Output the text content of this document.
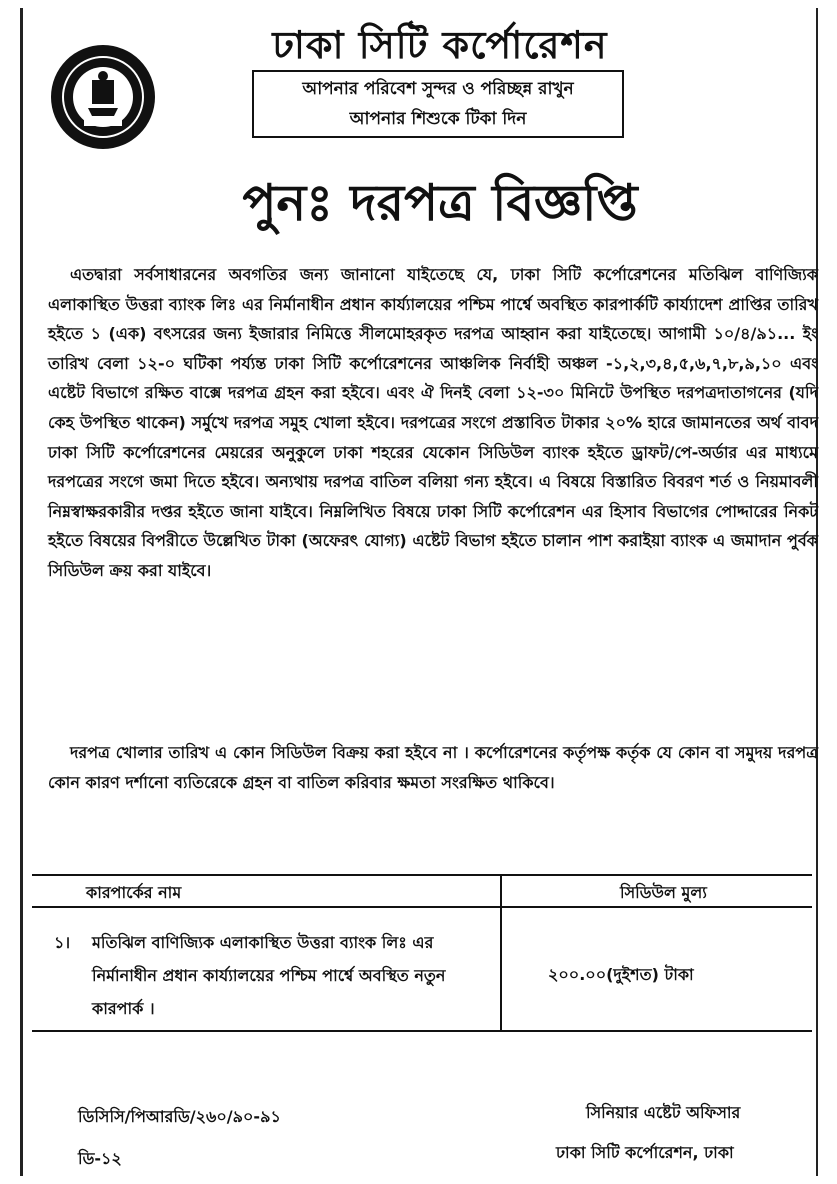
ঢাকা সিটি কর্পোরেশন
আপনার পরিবেশ সুন্দর ও পরিচ্ছন্ন রাখুন
আপনার শিশুকে টিকা দিন
পুনঃ দরপত্র বিজ্ঞপ্তি

এতদ্বারা সর্বসাধারনের অবগতির জন্য জানানো যাইতেছে যে, ঢাকা সিটি কর্পোরেশনের মতিঝিল বাণিজ্যিক এলাকাস্থিত উত্তরা ব্যাংক লিঃ এর নির্মানাধীন প্রধান কার্য্যালয়ের পশ্চিম পার্শ্বে অবস্থিত কারপার্কটি কার্য্যাদেশ প্রাপ্তির তারিখ হইতে ১ (এক) বৎসরের জন্য ইজারার নিমিত্তে সীলমোহরকৃত দরপত্র আহ্বান করা যাইতেছে। আগামী ১০/৪/৯১... ইং তারিখ বেলা ১২-০ ঘটিকা পর্য্যন্ত ঢাকা সিটি কর্পোরেশনের আঞ্চলিক নির্বাহী অঞ্চল -১,২,৩,৪,৫,৬,৭,৮,৯,১০ এবং এষ্টেট বিভাগে রক্ষিত বাক্সে দরপত্র গ্রহন করা হইবে। এবং ঐ দিনই বেলা ১২-৩০ মিনিটে উপস্থিত দরপত্রদাতাগনের (যদি কেহ উপস্থিত থাকেন) সর্মুখে দরপত্র সমুহ খোলা হইবে। দরপত্রের সংগে প্রস্তাবিত টাকার ২০% হারে জামানতের অর্থ বাবদ ঢাকা সিটি কর্পোরেশনের মেয়রের অনুকুলে ঢাকা শহরের যেকোন সিডিউল ব্যাংক হইতে ড্রাফট/পে-অর্ডার এর মাধ্যমে দরপত্রের সংগে জমা দিতে হইবে। অন্যথায় দরপত্র বাতিল বলিয়া গন্য হইবে। এ বিষয়ে বিস্তারিত বিবরণ শর্ত ও নিয়মাবলী নিম্নস্বাক্ষরকারীর দপ্তর হইতে জানা যাইবে। নিম্নলিখিত বিষয়ে ঢাকা সিটি কর্পোরেশন এর হিসাব বিভাগের পোদ্দারের নিকট হইতে বিষয়ের বিপরীতে উল্লেখিত টাকা (অফেরৎ যোগ্য) এষ্টেট বিভাগ হইতে চালান পাশ করাইয়া ব্যাংক এ জমাদান পুর্বক সিডিউল ক্রয় করা যাইবে।

দরপত্র খোলার তারিখ এ কোন সিডিউল বিক্রয় করা হইবে না । কর্পোরেশনের কর্তৃপক্ষ কর্তৃক যে কোন বা সমুদয় দরপত্র কোন কারণ দর্শানো ব্যতিরেকে গ্রহন বা বাতিল করিবার ক্ষমতা সংরক্ষিত থাকিবে।
কারপার্কের নাম	সিডিউল মুল্য
১। মতিঝিল বাণিজ্যিক এলাকাস্থিত উত্তরা ব্যাংক লিঃ এর নির্মানাধীন প্রধান কার্য্যালয়ের পশ্চিম পার্শ্বে অবস্থিত নতুন কারপার্ক ।
২০০.০০(দুইশত) টাকা
ডিসিসি/পিআরডি/২৬০/৯০-৯১
ডি-১২
সিনিয়ার এষ্টেট অফিসার
ঢাকা সিটি কর্পোরেশন, ঢাকা
